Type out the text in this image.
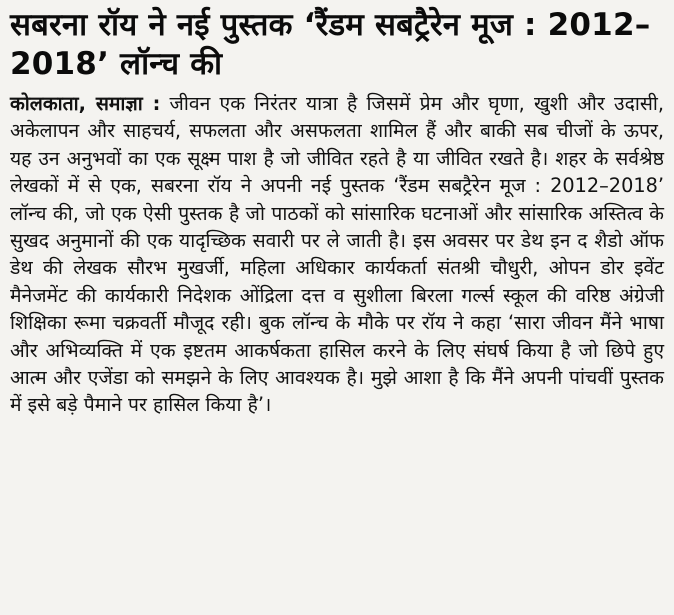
सबरना रॉय ने नई पुस्तक ‘रैंडम सबट्रैरेन मूज : 2012–2018’ लॉन्च की
कोलकाता, समाज्ञा : जीवन एक निरंतर यात्रा है जिसमें प्रेम और घृणा, खुशी और उदासी, अकेलापन और साहचर्य, सफलता और असफलता शामिल हैं और बाकी सब चीजों के ऊपर, यह उन अनुभवों का एक सूक्ष्म पाश है जो जीवित रहते है या जीवित रखते है। शहर के सर्वश्रेष्ठ लेखकों में से एक, सबरना रॉय ने अपनी नई पुस्तक ‘रैंडम सबट्रैरेन मूज : 2012–2018’ लॉन्च की, जो एक ऐसी पुस्तक है जो पाठकों को सांसारिक घटनाओं और सांसारिक अस्तित्व के सुखद अनुमानों की एक यादृच्छिक सवारी पर ले जाती है। इस अवसर पर डेथ इन द शैडो ऑफ डेथ की लेखक सौरभ मुखर्जी, महिला अधिकार कार्यकर्ता संतश्री चौधुरी, ओपन डोर इवेंट मैनेजमेंट की कार्यकारी निदेशक ओंद्रिला दत्त व सुशीला बिरला गर्ल्स स्कूल की वरिष्ठ अंग्रेजी शिक्षिका रूमा चक्रवर्ती मौजूद रही। बुक लॉन्च के मौके पर रॉय ने कहा ‘सारा जीवन मैंने भाषा और अभिव्यक्ति में एक इष्टतम आकर्षकता हासिल करने के लिए संघर्ष किया है जो छिपे हुए आत्म और एजेंडा को समझने के लिए आवश्यक है। मुझे आशा है कि मैंने अपनी पांचवीं पुस्तक में इसे बड़े पैमाने पर हासिल किया है’।
